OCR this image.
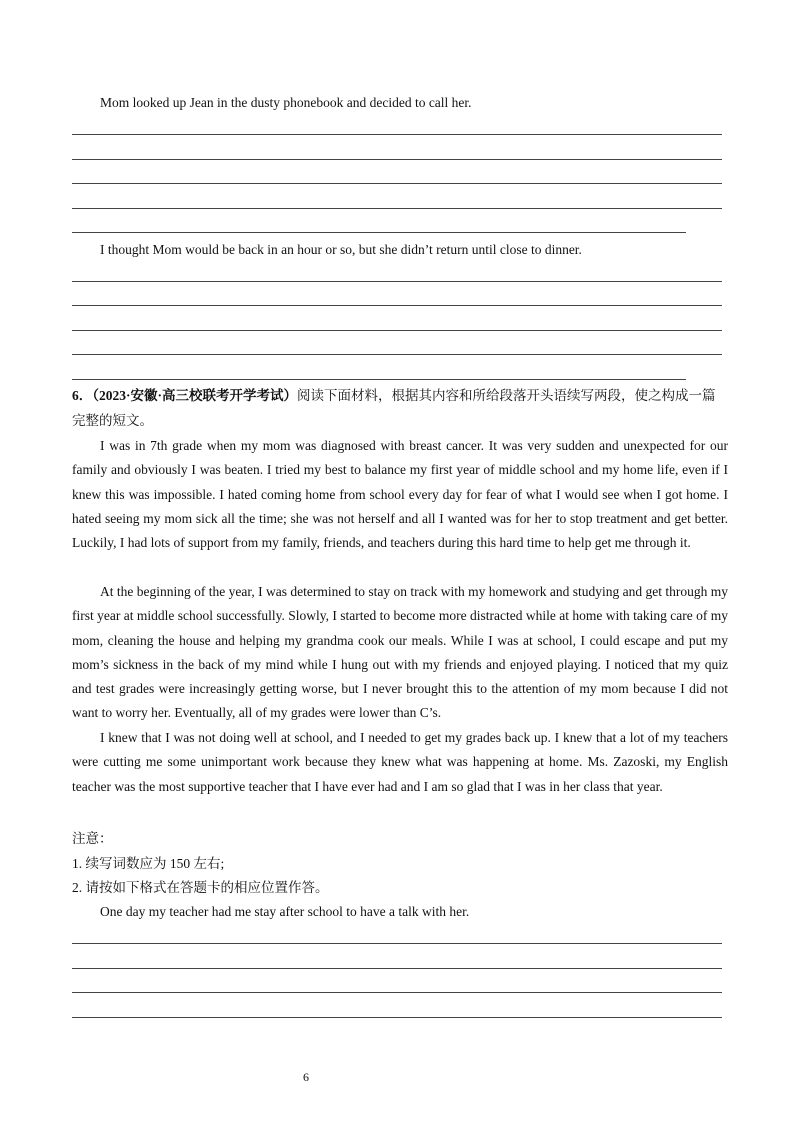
Mom looked up Jean in the dusty phonebook and decided to call her.
I thought Mom would be back in an hour or so, but she didn’t return until close to dinner.
6．（2023·安徽·高三校联考开学考试）阅读下面材料，根据其内容和所给段落开头语续写两段，使之构成一篇完整的短文。

I was in 7th grade when my mom was diagnosed with breast cancer. It was very sudden and unexpected for our family and obviously I was beaten. I tried my best to balance my first year of middle school and my home life, even if I knew this was impossible. I hated coming home from school every day for fear of what I would see when I got home. I hated seeing my mom sick all the time; she was not herself and all I wanted was for her to stop treatment and get better. Luckily, I had lots of support from my family, friends, and teachers during this hard time to help get me through it.

At the beginning of the year, I was determined to stay on track with my homework and studying and get through my first year at middle school successfully. Slowly, I started to become more distracted while at home with taking care of my mom, cleaning the house and helping my grandma cook our meals. While I was at school, I could escape and put my mom’s sickness in the back of my mind while I hung out with my friends and enjoyed playing. I noticed that my quiz and test grades were increasingly getting worse, but I never brought this to the attention of my mom because I did not want to worry her. Eventually, all of my grades were lower than C’s.

I knew that I was not doing well at school, and I needed to get my grades back up. I knew that a lot of my teachers were cutting me some unimportant work because they knew what was happening at home. Ms. Zazoski, my English teacher was the most supportive teacher that I have ever had and I am so glad that I was in her class that year.

注意：
1. 续写词数应为 150 左右;
2. 请按如下格式在答题卡的相应位置作答。
One day my teacher had me stay after school to have a talk with her.
6
